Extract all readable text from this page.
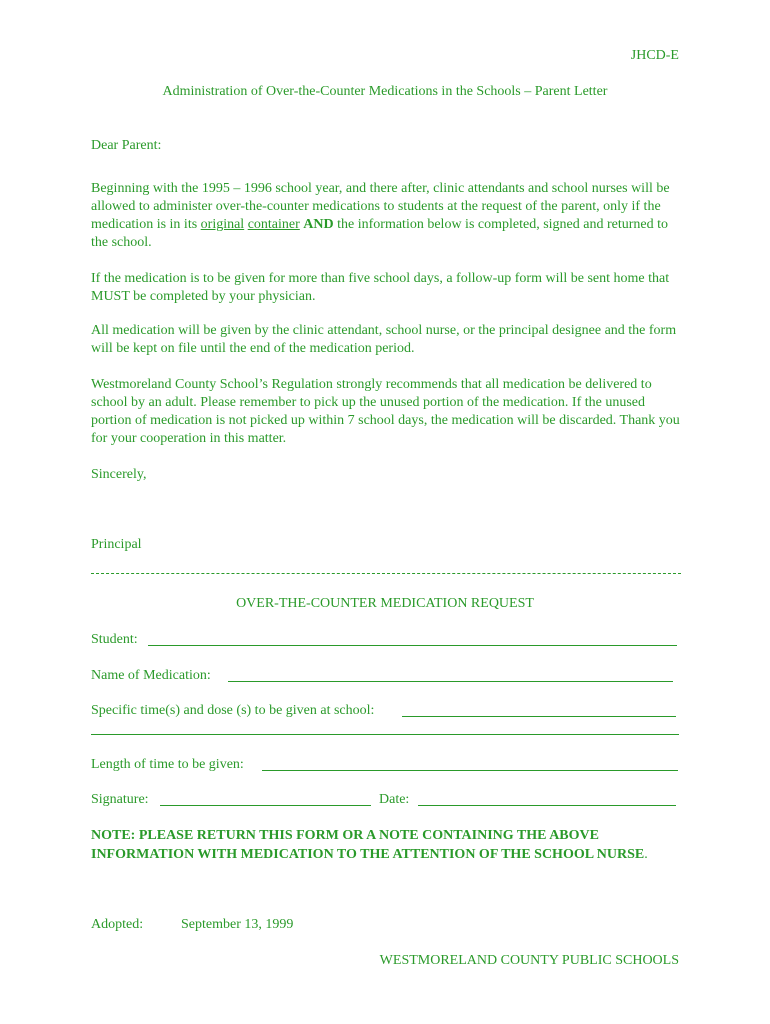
JHCD-E
Administration of Over-the-Counter Medications in the Schools – Parent Letter
Dear Parent:
Beginning with the 1995 – 1996 school year, and there after, clinic attendants and school nurses will be allowed to administer over-the-counter medications to students at the request of the parent, only if the medication is in its original container AND the information below is completed, signed and returned to the school.
If the medication is to be given for more than five school days, a follow-up form will be sent home that MUST be completed by your physician.
All medication will be given by the clinic attendant, school nurse, or the principal designee and the form will be kept on file until the end of the medication period.
Westmoreland County School’s Regulation strongly recommends that all medication be delivered to school by an adult. Please remember to pick up the unused portion of the medication. If the unused portion of medication is not picked up within 7 school days, the medication will be discarded. Thank you for your cooperation in this matter.
Sincerely,
Principal
OVER-THE-COUNTER MEDICATION REQUEST
Student:
Name of Medication:
Specific time(s) and dose (s) to be given at school:
Length of time to be given:
Signature:	Date:
NOTE: PLEASE RETURN THIS FORM OR A NOTE CONTAINING THE ABOVE INFORMATION WITH MEDICATION TO THE ATTENTION OF THE SCHOOL NURSE.
Adopted:	September 13, 1999
WESTMORELAND COUNTY PUBLIC SCHOOLS
